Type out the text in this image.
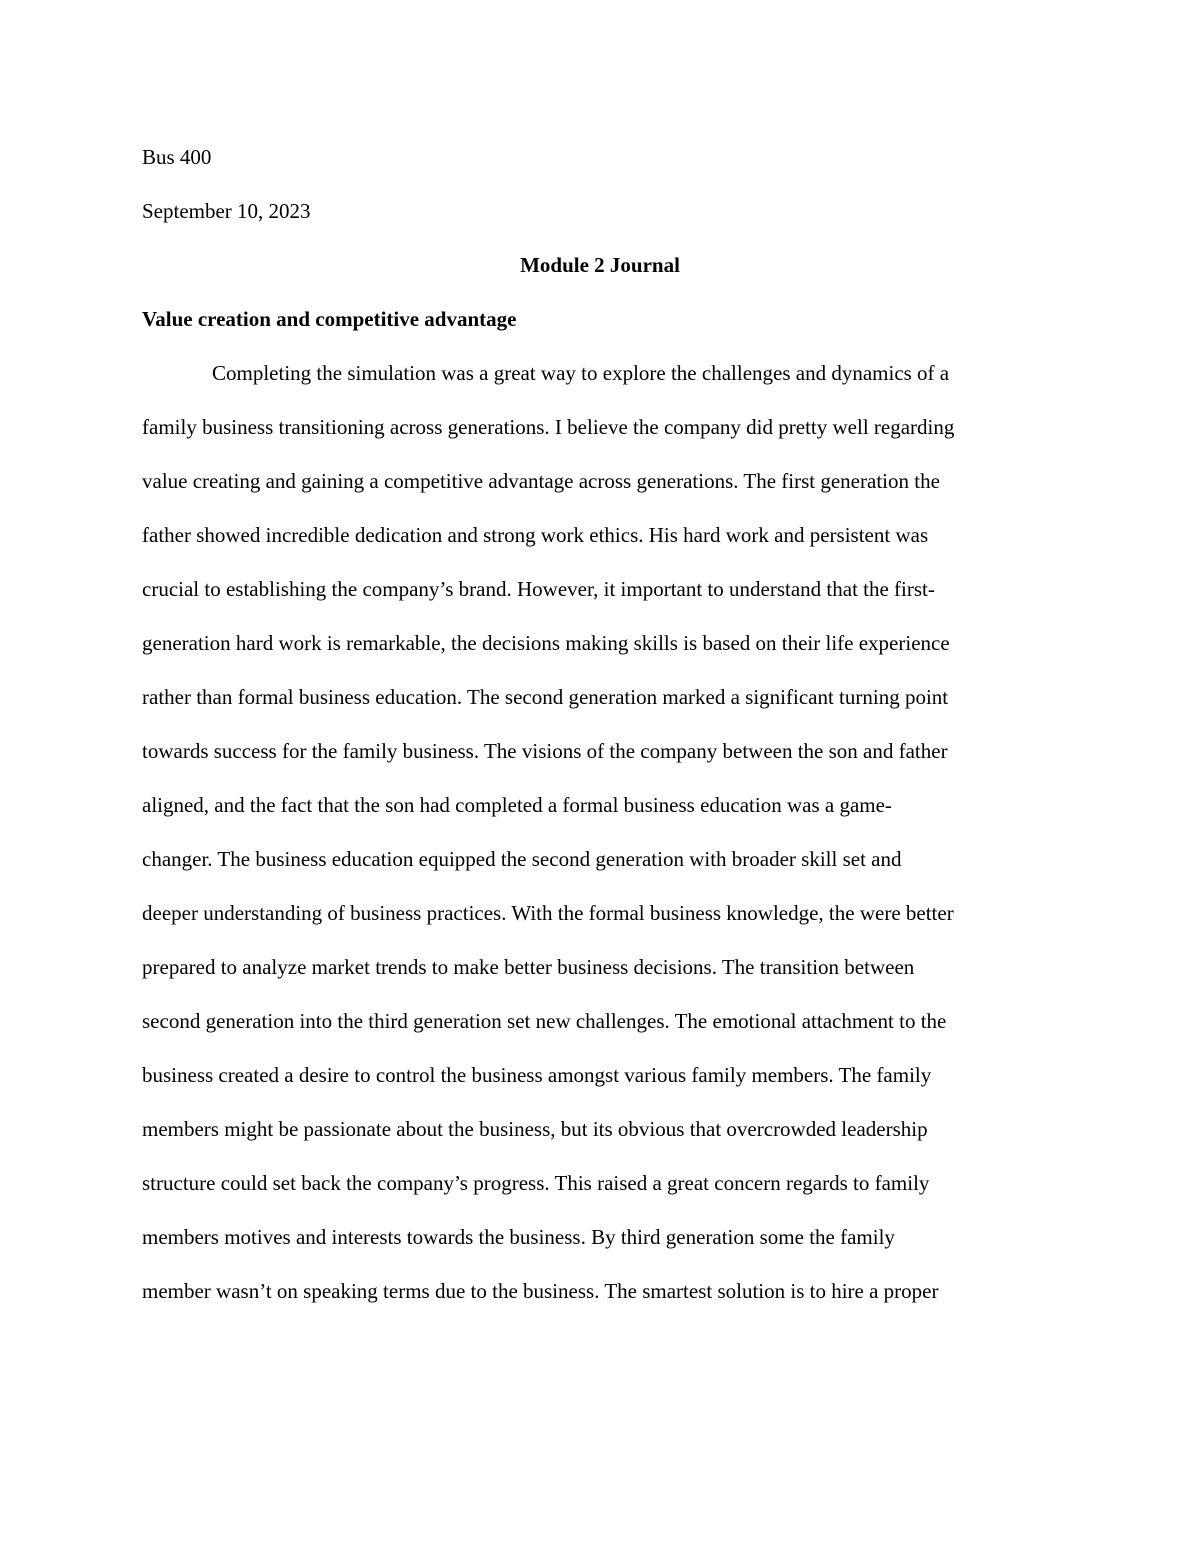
Bus 400
September 10, 2023
Module 2 Journal
Value creation and competitive advantage
Completing the simulation was a great way to explore the challenges and dynamics of a
family business transitioning across generations. I believe the company did pretty well regarding
value creating and gaining a competitive advantage across generations. The first generation the
father showed incredible dedication and strong work ethics. His hard work and persistent was
crucial to establishing the company’s brand. However, it important to understand that the first-
generation hard work is remarkable, the decisions making skills is based on their life experience
rather than formal business education. The second generation marked a significant turning point
towards success for the family business. The visions of the company between the son and father
aligned, and the fact that the son had completed a formal business education was a game-
changer. The business education equipped the second generation with broader skill set and
deeper understanding of business practices. With the formal business knowledge, the were better
prepared to analyze market trends to make better business decisions. The transition between
second generation into the third generation set new challenges. The emotional attachment to the
business created a desire to control the business amongst various family members. The family
members might be passionate about the business, but its obvious that overcrowded leadership
structure could set back the company’s progress. This raised a great concern regards to family
members motives and interests towards the business. By third generation some the family
member wasn’t on speaking terms due to the business. The smartest solution is to hire a proper
